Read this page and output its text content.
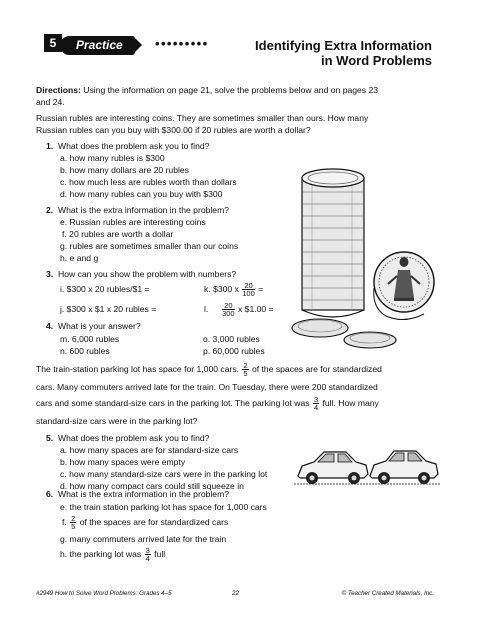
5	Practice	•••••••••	Identifying Extra Information
in Word Problems
Directions: Using the information on page 21, solve the problems below and on pages 23
and 24.
Russian rubles are interesting coins. They are sometimes smaller than ours. How many
Russian rubles can you buy with $300.00 if 20 rubles are worth a dollar?
1. What does the problem ask you to find?
a. how many rubles is $300
b. how many dollars are 20 rubles
c. how much less are rubles worth than dollars
d. how many rubles can you buy with $300
2. What is the extra information in the problem?
e. Russian rubles are interesting coins
f. 20 rubles are worth a dollar
g. rubles are sometimes smaller than our coins
h. e and g
3. How can you show the problem with numbers?
i. $300 x 20 rubles/$1 =	k. $300 x $\frac{20}{100}$ =
j. $300 x $1 x 20 rubles =	l. $\frac{20}{300}$ x $1.00 =
4. What is your answer?
m. 6,000 rubles	o. 3,000 rubles
n. 600 rubles	p. 60,000 rubles
The train-station parking lot has space for 1,000 cars. $\frac{2}{5}$ of the spaces are for standardized
cars. Many commuters arrived late for the train. On Tuesday, there were 200 standardized
cars and some standard-size cars in the parking lot. The parking lot was $\frac{3}{4}$ full. How many
standard-size cars were in the parking lot?
5. What does the problem ask you to find?
a. how many spaces are for standard-size cars
b. how many spaces were empty
c. how many standard-size cars were in the parking lot
d. how many compact cars could still squeeze in
6. What is the extra information in the problem?
e. the train station parking lot has space for 1,000 cars
f. $\frac{2}{5}$ of the spaces are for standardized cars
g. many commuters arrived late for the train
h. the parking lot was $\frac{3}{4}$ full
#2949 How to Solve Word Problems: Grades 4–5	22	© Teacher Created Materials, Inc.
